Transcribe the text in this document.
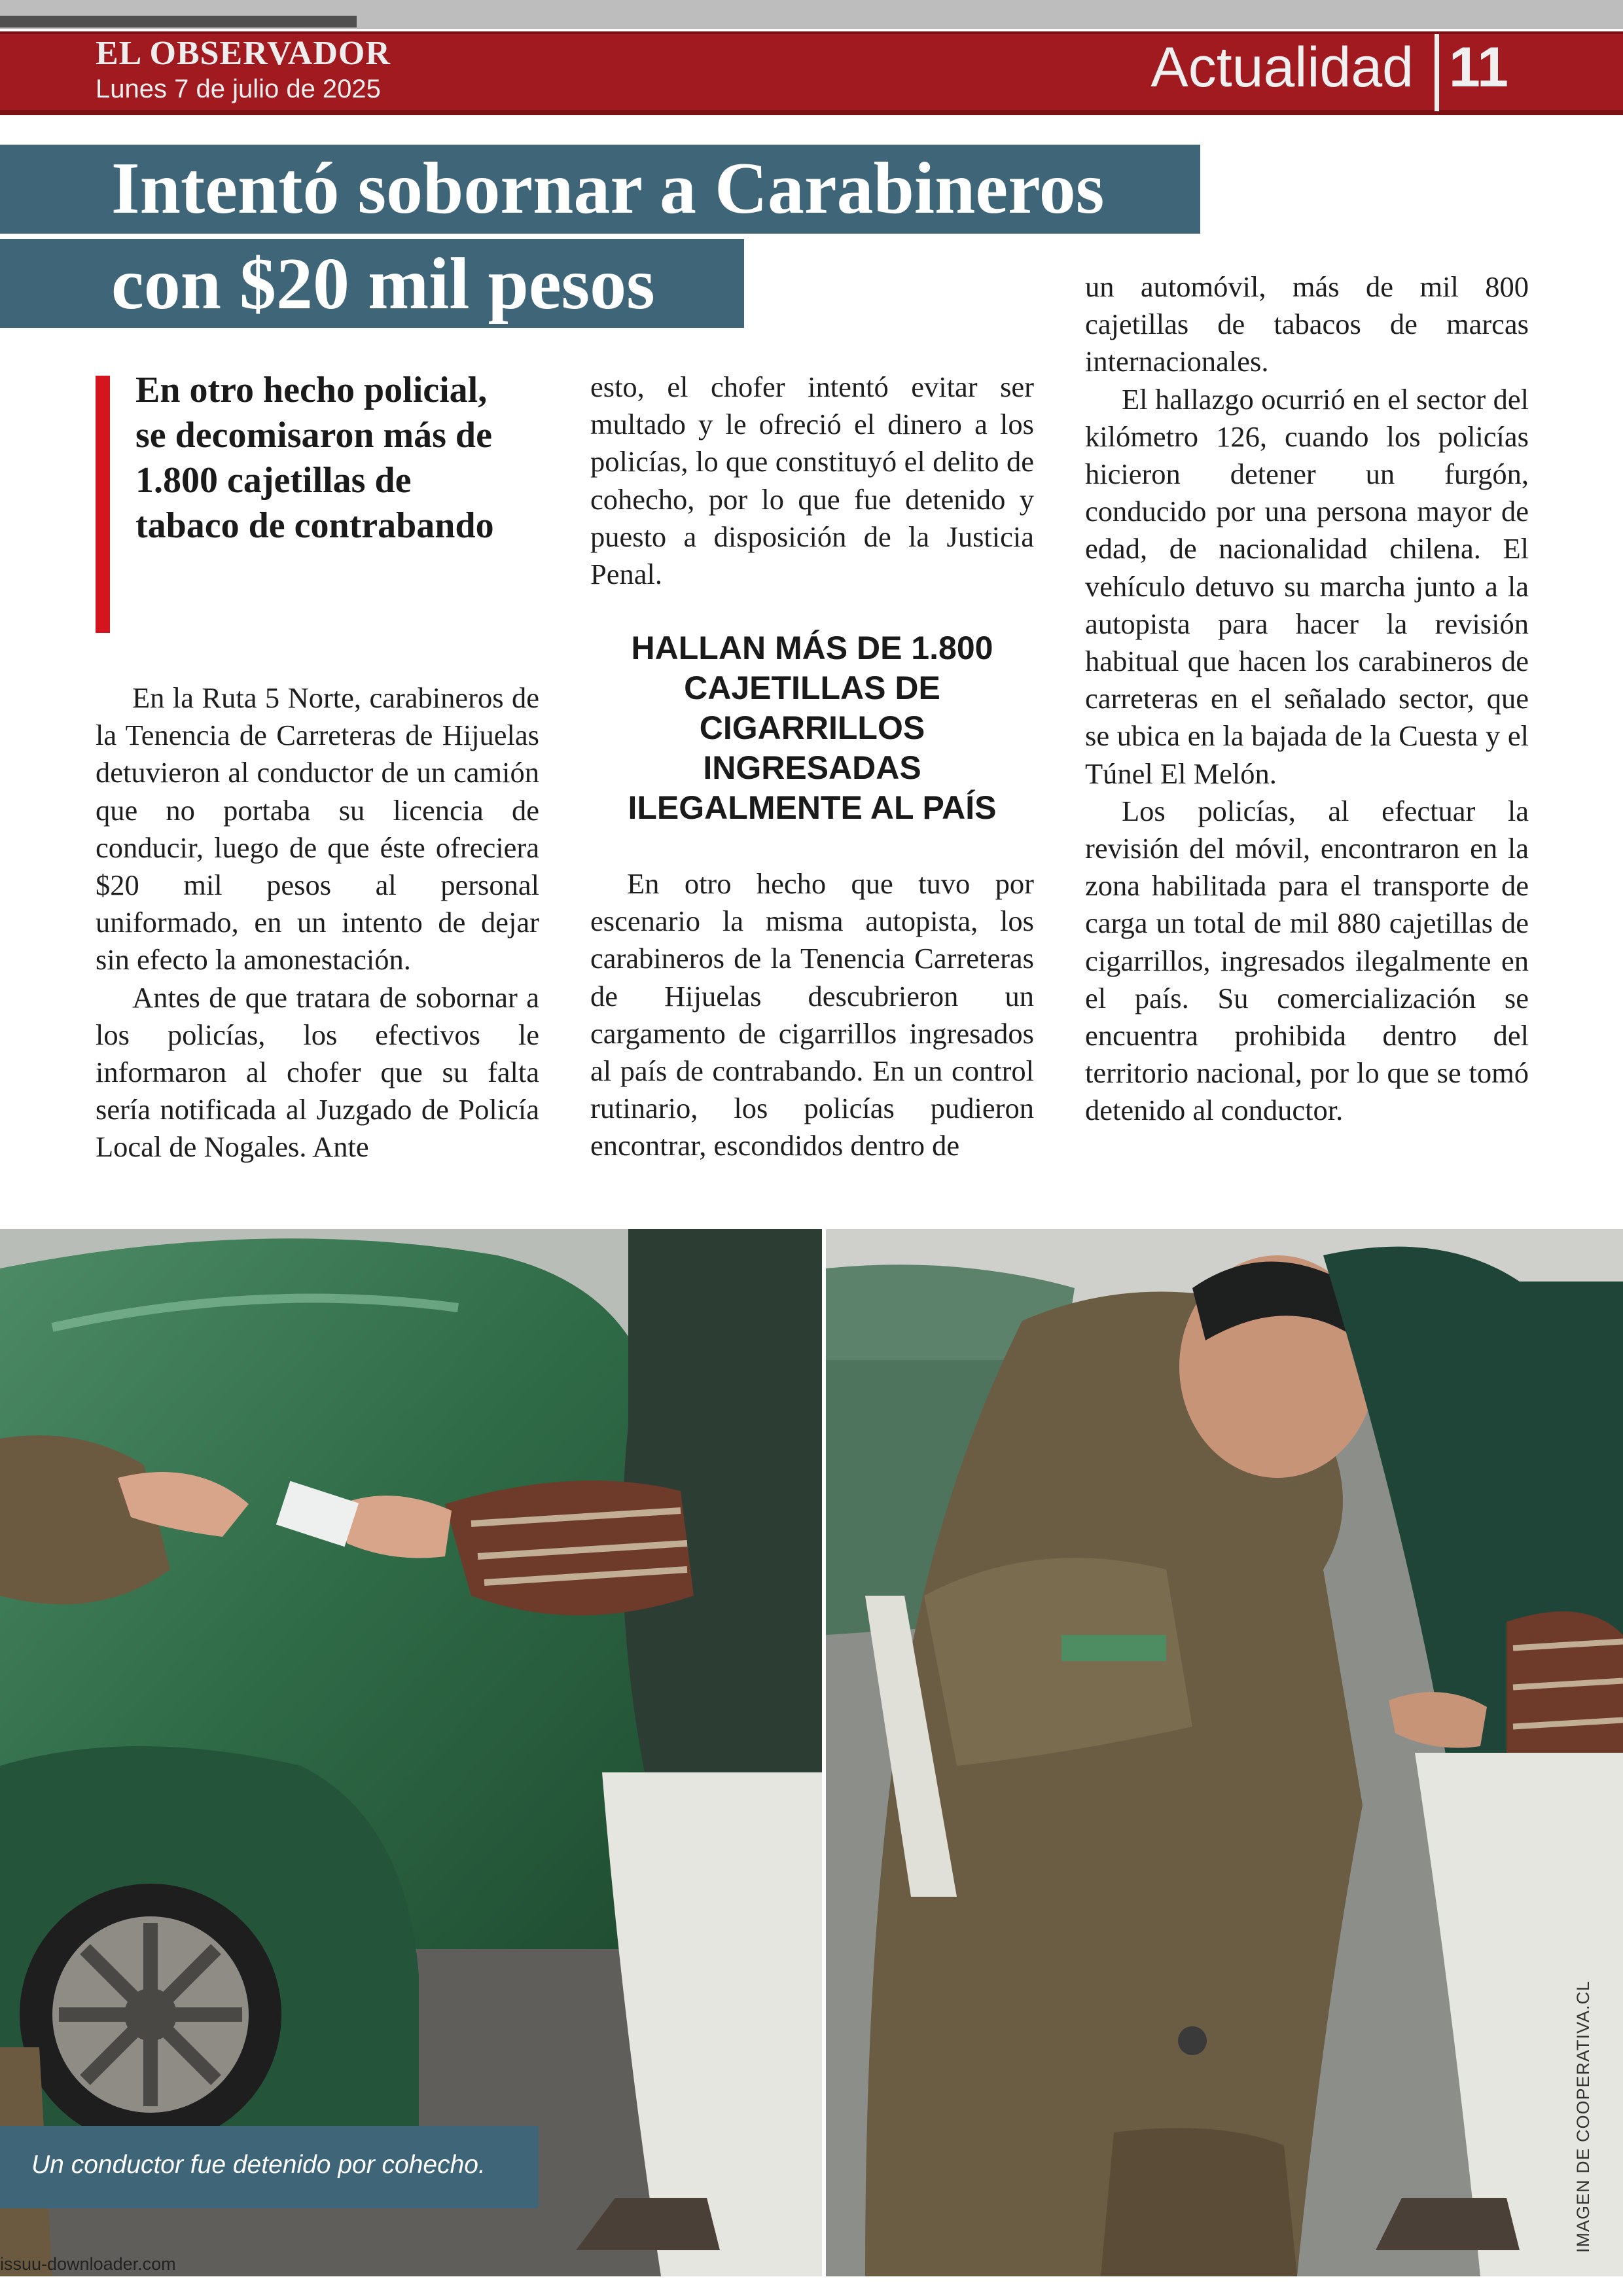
EL OBSERVADOR
Lunes 7 de julio de 2025	Actualidad 11
Intentó sobornar a Carabineros
con $20 mil pesos
En otro hecho policial, se decomisaron más de 1.800 cajetillas de tabaco de contrabando

En la Ruta 5 Norte, carabineros de la Tenencia de Carreteras de Hijuelas detuvieron al conductor de un camión que no portaba su licencia de conducir, luego de que éste ofreciera $20 mil pesos al personal uniformado, en un intento de dejar sin efecto la amonestación.

Antes de que tratara de sobornar a los policías, los efectivos le informaron al chofer que su falta sería notificada al Juzgado de Policía Local de Nogales. Ante

esto, el chofer intentó evitar ser multado y le ofreció el dinero a los policías, lo que constituyó el delito de cohecho, por lo que fue detenido y puesto a disposición de la Justicia Penal.

HALLAN MÁS DE 1.800 CAJETILLAS DE CIGARRILLOS INGRESADAS ILEGALMENTE AL PAÍS

En otro hecho que tuvo por escenario la misma autopista, los carabineros de la Tenencia Carreteras de Hijuelas descubrieron un cargamento de cigarrillos ingresados al país de contrabando. En un control rutinario, los policías pudieron encontrar, escondidos dentro de

un automóvil, más de mil 800 cajetillas de tabacos de marcas internacionales.

El hallazgo ocurrió en el sector del kilómetro 126, cuando los policías hicieron detener un furgón, conducido por una persona mayor de edad, de nacionalidad chilena. El vehículo detuvo su marcha junto a la autopista para hacer la revisión habitual que hacen los carabineros de carreteras en el señalado sector, que se ubica en la bajada de la Cuesta y el Túnel El Melón.

Los policías, al efectuar la revisión del móvil, encontraron en la zona habilitada para el transporte de carga un total de mil 880 cajetillas de cigarrillos, ingresados ilegalmente en el país. Su comercialización se encuentra prohibida dentro del territorio nacional, por lo que se tomó detenido al conductor.

Un conductor fue detenido por cohecho.	IMAGEN DE COOPERATIVA.CL
issuu-downloader.com
